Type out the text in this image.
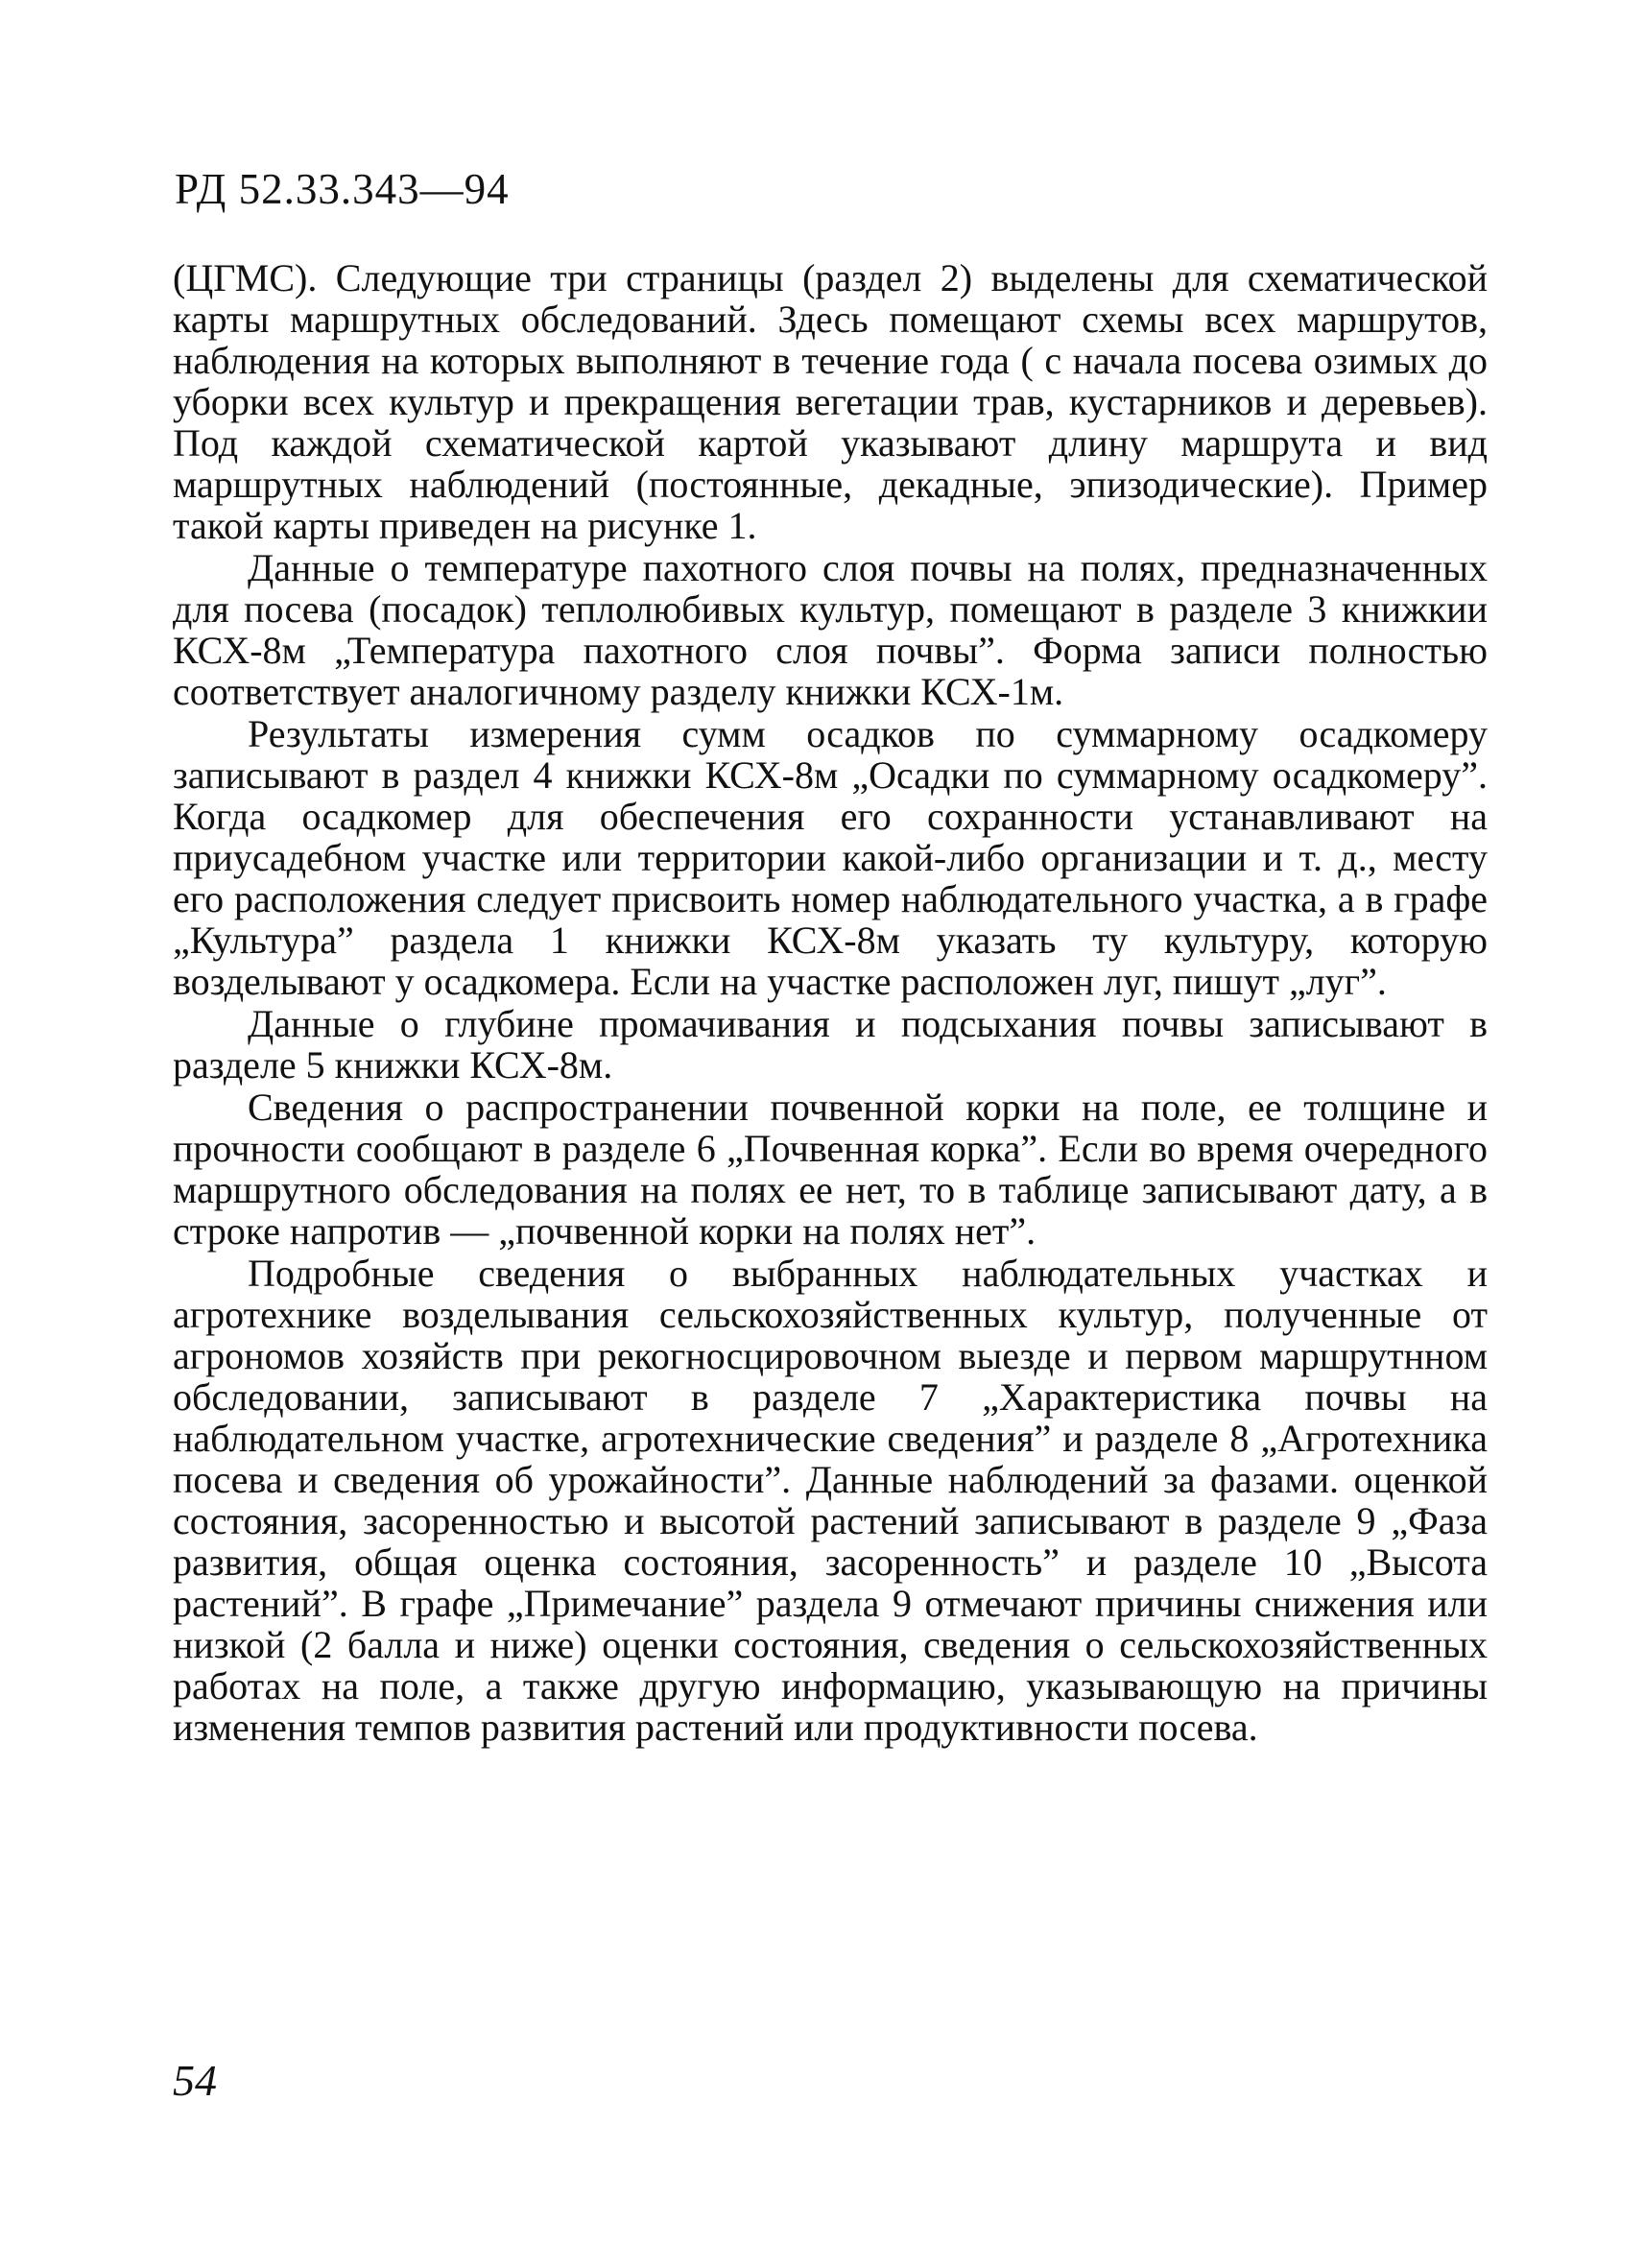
РД 52.33.343—94

(ЦГМС). Следующие три страницы (раздел 2) выделены для схематической карты маршрутных обследований. Здесь помещают схемы всех маршрутов, наблюдения на которых выполняют в течение года ( с начала посева озимых до уборки всех культур и прекращения вегетации трав, кустарников и деревьев). Под каждой схематической картой указывают длину маршрута и вид маршрутных наблюдений (постоянные, декадные, эпизодические). Пример такой карты приведен на рисунке 1.

Данные о температуре пахотного слоя почвы на полях, предназначенных для посева (посадок) теплолюбивых культур, помещают в разделе 3 книжкии КСХ-8м „Температура пахотного слоя почвы”. Форма записи полностью соответствует аналогичному разделу книжки КСХ-1м.

Результаты измерения сумм осадков по суммарному осадкомеру записывают в раздел 4 книжки КСХ-8м „Осадки по суммарному осадкомеру”. Когда осадкомер для обеспечения его сохранности устанавливают на приусадебном участке или территории какой-либо организации и т. д., месту его расположения следует присвоить номер наблюдательного участка, а в графе „Культура” раздела 1 книжки КСХ-8м указать ту культуру, которую возделывают у осадкомера. Если на участке расположен луг, пишут „луг”.

Данные о глубине промачивания и подсыхания почвы записывают в разделе 5 книжки КСХ-8м.

Сведения о распространении почвенной корки на поле, ее толщине и прочности сообщают в разделе 6 „Почвенная корка”. Если во время очередного маршрутного обследования на полях ее нет, то в таблице записывают дату, а в строке напротив — „почвенной корки на полях нет”.

Подробные сведения о выбранных наблюдательных участках и агротехнике возделывания сельскохозяйственных культур, полученные от агрономов хозяйств при рекогносцировочном выезде и первом маршрутнном обследовании, записывают в разделе 7 „Характеристика почвы на наблюдательном участке, агротехнические сведения” и разделе 8 „Агротехника посева и сведения об урожайности”. Данные наблюдений за фазами. оценкой состояния, засоренностью и высотой растений записывают в разделе 9 „Фаза развития, общая оценка состояния, засоренность” и разделе 10 „Высота растений”. В графе „Примечание” раздела 9 отмечают причины снижения или низкой (2 балла и ниже) оценки состояния, сведения о сельскохозяйственных работах на поле, а также другую информацию, указывающую на причины изменения темпов развития растений или продуктивности посева.

54
